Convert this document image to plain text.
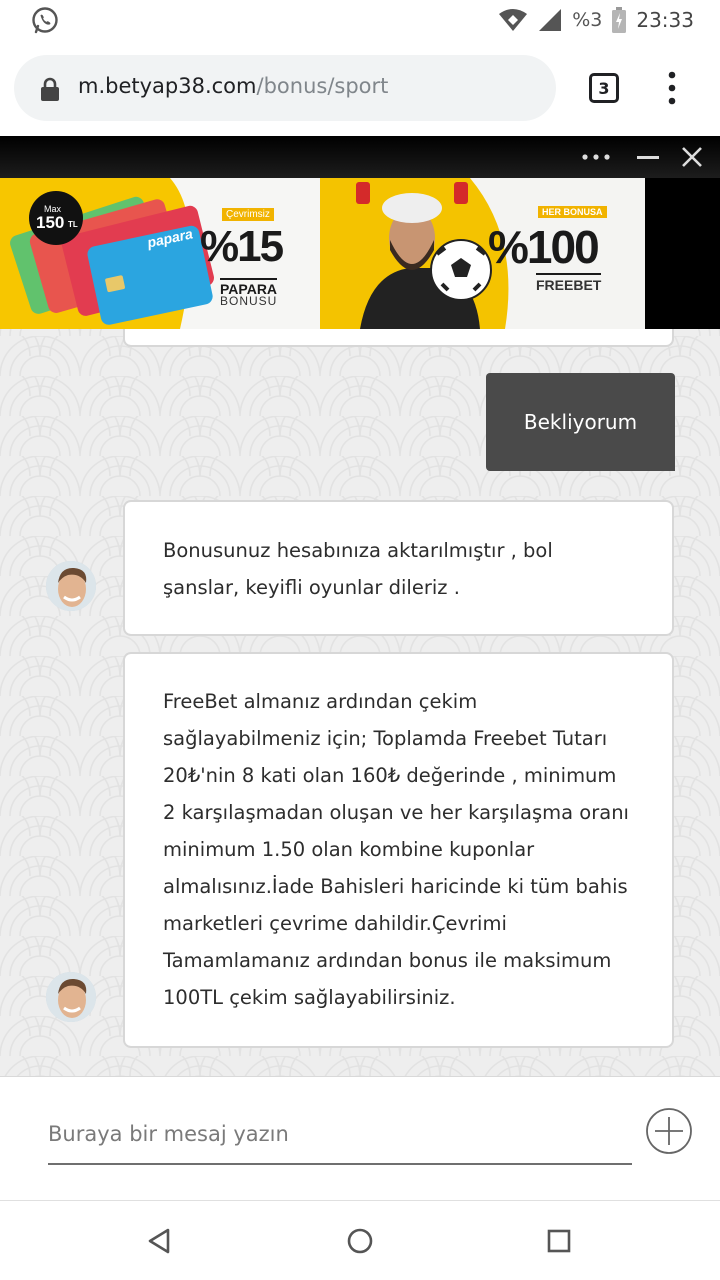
%3 23:33
m.betyap38.com/bonus/sport	3
Max
150 TL
papara
Çevrimsiz
%15
PAPARA
BONUSU
HER BONUSA
%100
FREEBET
Bekliyorum
Bonusunuz hesabınıza aktarılmıştır , bol şanslar, keyifli oyunlar dileriz .
FreeBet almanız ardından çekim sağlayabilmeniz için; Toplamda Freebet Tutarı 20₺'nin 8 kati olan 160₺ değerinde , minimum 2 karşılaşmadan oluşan ve her karşılaşma oranı minimum 1.50 olan kombine kuponlar almalısınız.İade Bahisleri haricinde ki tüm bahis marketleri çevrime dahildir.Çevrimi Tamamlamanız ardından bonus ile maksimum 100TL çekim sağlayabilirsiniz.
Buraya bir mesaj yazın
